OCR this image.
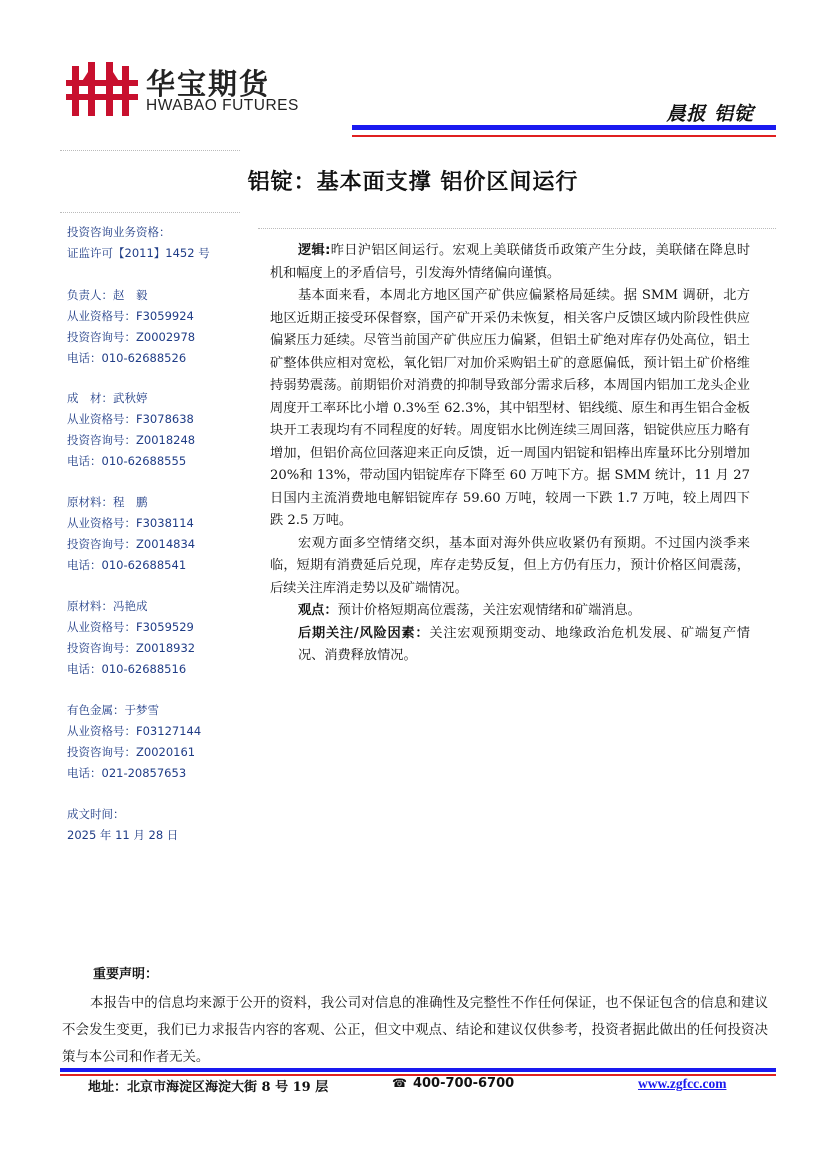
华宝期货
HWABAO FUTURES	晨报 铝锭
铝锭：基本面支撑 铝价区间运行
投资咨询业务资格：
证监许可【2011】1452 号
负责人：赵　毅
从业资格号：F3059924
投资咨询号：Z0002978
电话：010-62688526
成　材：武秋婷
从业资格号：F3078638
投资咨询号：Z0018248
电话：010-62688555
原材料：程　鹏
从业资格号：F3038114
投资咨询号：Z0014834
电话：010-62688541
原材料：冯艳成
从业资格号：F3059529
投资咨询号：Z0018932
电话：010-62688516
有色金属：于梦雪
从业资格号：F03127144
投资咨询号：Z0020161
电话：021-20857653
成文时间：
2025 年 11 月 28 日

逻辑:昨日沪铝区间运行。宏观上美联储货币政策产生分歧，美联储在降息时机和幅度上的矛盾信号，引发海外情绪偏向谨慎。

基本面来看，本周北方地区国产矿供应偏紧格局延续。据 SMM 调研，北方地区近期正接受环保督察，国产矿开采仍未恢复，相关客户反馈区域内阶段性供应偏紧压力延续。尽管当前国产矿供应压力偏紧，但铝土矿绝对库存仍处高位，铝土矿整体供应相对宽松，氧化铝厂对加价采购铝土矿的意愿偏低，预计铝土矿价格维持弱势震荡。前期铝价对消费的抑制导致部分需求后移，本周国内铝加工龙头企业周度开工率环比小增 0.3%至 62.3%，其中铝型材、铝线缆、原生和再生铝合金板块开工表现均有不同程度的好转。周度铝水比例连续三周回落，铝锭供应压力略有增加，但铝价高位回落迎来正向反馈，近一周国内铝锭和铝棒出库量环比分别增加 20%和 13%，带动国内铝锭库存下降至 60 万吨下方。据 SMM 统计，11 月 27 日国内主流消费地电解铝锭库存 59.60 万吨，较周一下跌 1.7 万吨，较上周四下跌 2.5 万吨。

宏观方面多空情绪交织，基本面对海外供应收紧仍有预期。不过国内淡季来临，短期有消费延后兑现，库存走势反复，但上方仍有压力，预计价格区间震荡，后续关注库消走势以及矿端情况。

观点：预计价格短期高位震荡，关注宏观情绪和矿端消息。

后期关注/风险因素：关注宏观预期变动、地缘政治危机发展、矿端复产情况、消费释放情况。

重要声明：
本报告中的信息均来源于公开的资料，我公司对信息的准确性及完整性不作任何保证，也不保证包含的信息和建议不会发生变更，我们已力求报告内容的客观、公正，但文中观点、结论和建议仅供参考，投资者据此做出的任何投资决策与本公司和作者无关。
地址：北京市海淀区海淀大街 8 号 19 层	☎ 400-700-6700	www.zgfcc.com
